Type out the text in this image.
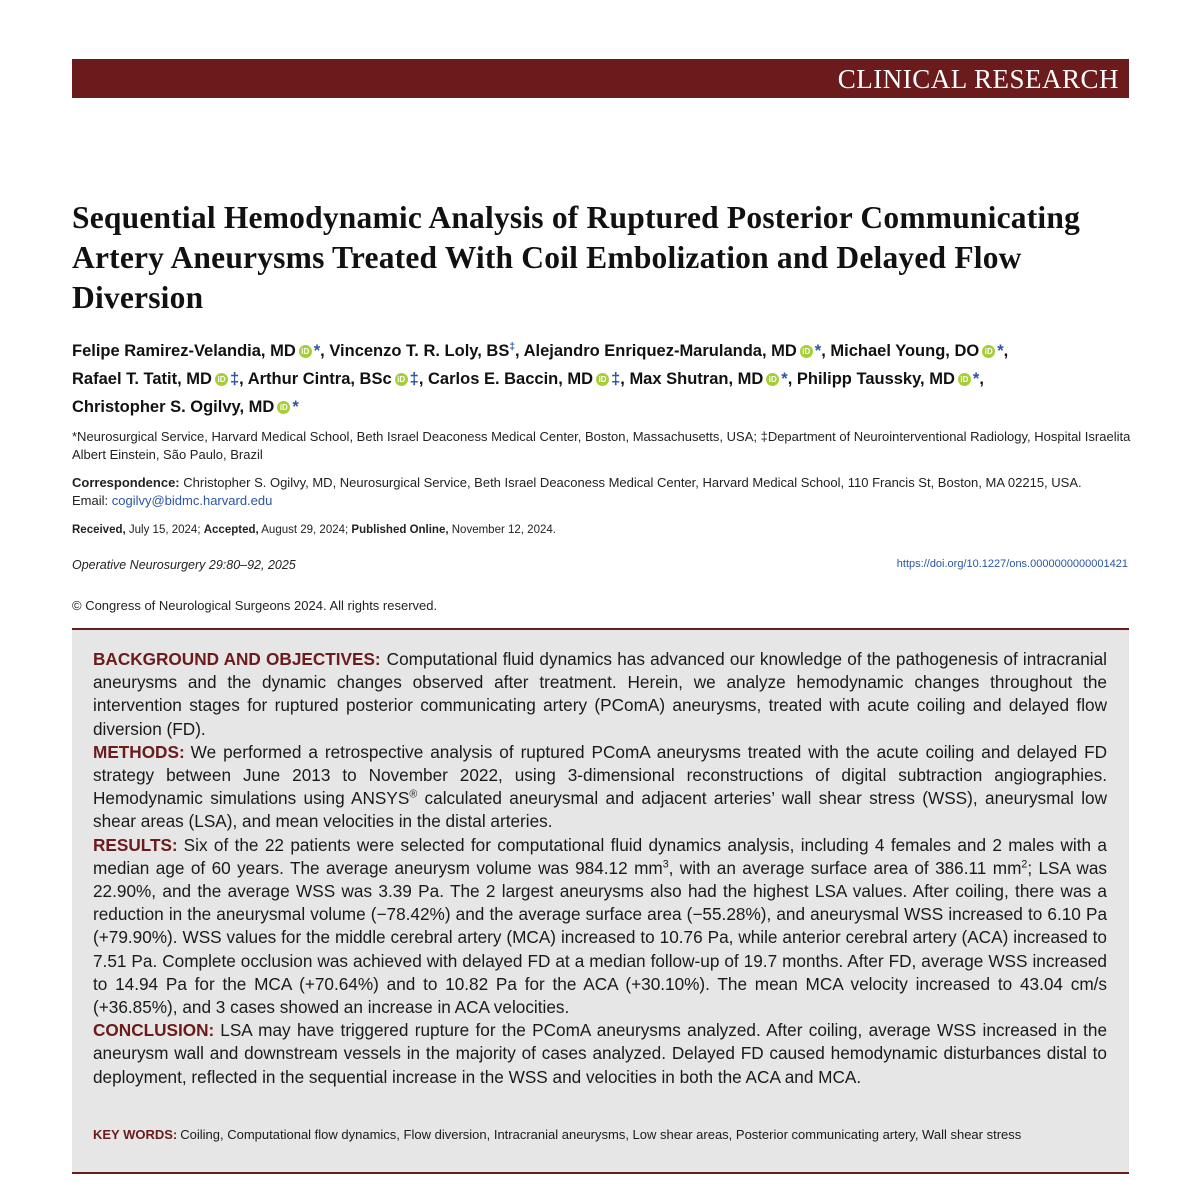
CLINICAL RESEARCH
Sequential Hemodynamic Analysis of Ruptured Posterior Communicating Artery Aneurysms Treated With Coil Embolization and Delayed Flow Diversion
Felipe Ramirez-Velandia, MD iD *, Vincenzo T. R. Loly, BS‡, Alejandro Enriquez-Marulanda, MD iD *, Michael Young, DO iD *,
Rafael T. Tatit, MD iD ‡, Arthur Cintra, BSc iD ‡, Carlos E. Baccin, MD iD ‡, Max Shutran, MD iD *, Philipp Taussky, MD iD *,
Christopher S. Ogilvy, MD iD *
*Neurosurgical Service, Harvard Medical School, Beth Israel Deaconess Medical Center, Boston, Massachusetts, USA; ‡Department of Neurointerventional Radiology, Hospital Israelita Albert Einstein, São Paulo, Brazil
Correspondence: Christopher S. Ogilvy, MD, Neurosurgical Service, Beth Israel Deaconess Medical Center, Harvard Medical School, 110 Francis St, Boston, MA 02215, USA.
Email: cogilvy@bidmc.harvard.edu
Received, July 15, 2024; Accepted, August 29, 2024; Published Online, November 12, 2024.
Operative Neurosurgery 29:80–92, 2025	https://doi.org/10.1227/ons.0000000000001421
© Congress of Neurological Surgeons 2024. All rights reserved.

BACKGROUND AND OBJECTIVES: Computational fluid dynamics has advanced our knowledge of the pathogenesis of intracranial aneurysms and the dynamic changes observed after treatment. Herein, we analyze hemodynamic changes throughout the intervention stages for ruptured posterior communicating artery (PComA) aneurysms, treated with acute coiling and delayed flow diversion (FD).

METHODS: We performed a retrospective analysis of ruptured PComA aneurysms treated with the acute coiling and delayed FD strategy between June 2013 to November 2022, using 3-dimensional reconstructions of digital subtraction angiographies. Hemodynamic simulations using ANSYS® calculated aneurysmal and adjacent arteries’ wall shear stress (WSS), aneurysmal low shear areas (LSA), and mean velocities in the distal arteries.

RESULTS: Six of the 22 patients were selected for computational fluid dynamics analysis, including 4 females and 2 males with a median age of 60 years. The average aneurysm volume was 984.12 $mm^3$, with an average surface area of 386.11 $mm^2$; LSA was 22.90%, and the average WSS was 3.39 Pa. The 2 largest aneurysms also had the highest LSA values. After coiling, there was a reduction in the aneurysmal volume (−78.42%) and the average surface area (−55.28%), and aneurysmal WSS increased to 6.10 Pa (+79.90%). WSS values for the middle cerebral artery (MCA) increased to 10.76 Pa, while anterior cerebral artery (ACA) increased to 7.51 Pa. Complete occlusion was achieved with delayed FD at a median follow-up of 19.7 months. After FD, average WSS increased to 14.94 Pa for the MCA (+70.64%) and to 10.82 Pa for the ACA (+30.10%). The mean MCA velocity increased to 43.04 cm/s (+36.85%), and 3 cases showed an increase in ACA velocities.

CONCLUSION: LSA may have triggered rupture for the PComA aneurysms analyzed. After coiling, average WSS increased in the aneurysm wall and downstream vessels in the majority of cases analyzed. Delayed FD caused hemodynamic disturbances distal to deployment, reflected in the sequential increase in the WSS and velocities in both the ACA and MCA.

KEY WORDS: Coiling, Computational flow dynamics, Flow diversion, Intracranial aneurysms, Low shear areas, Posterior communicating artery, Wall shear stress
